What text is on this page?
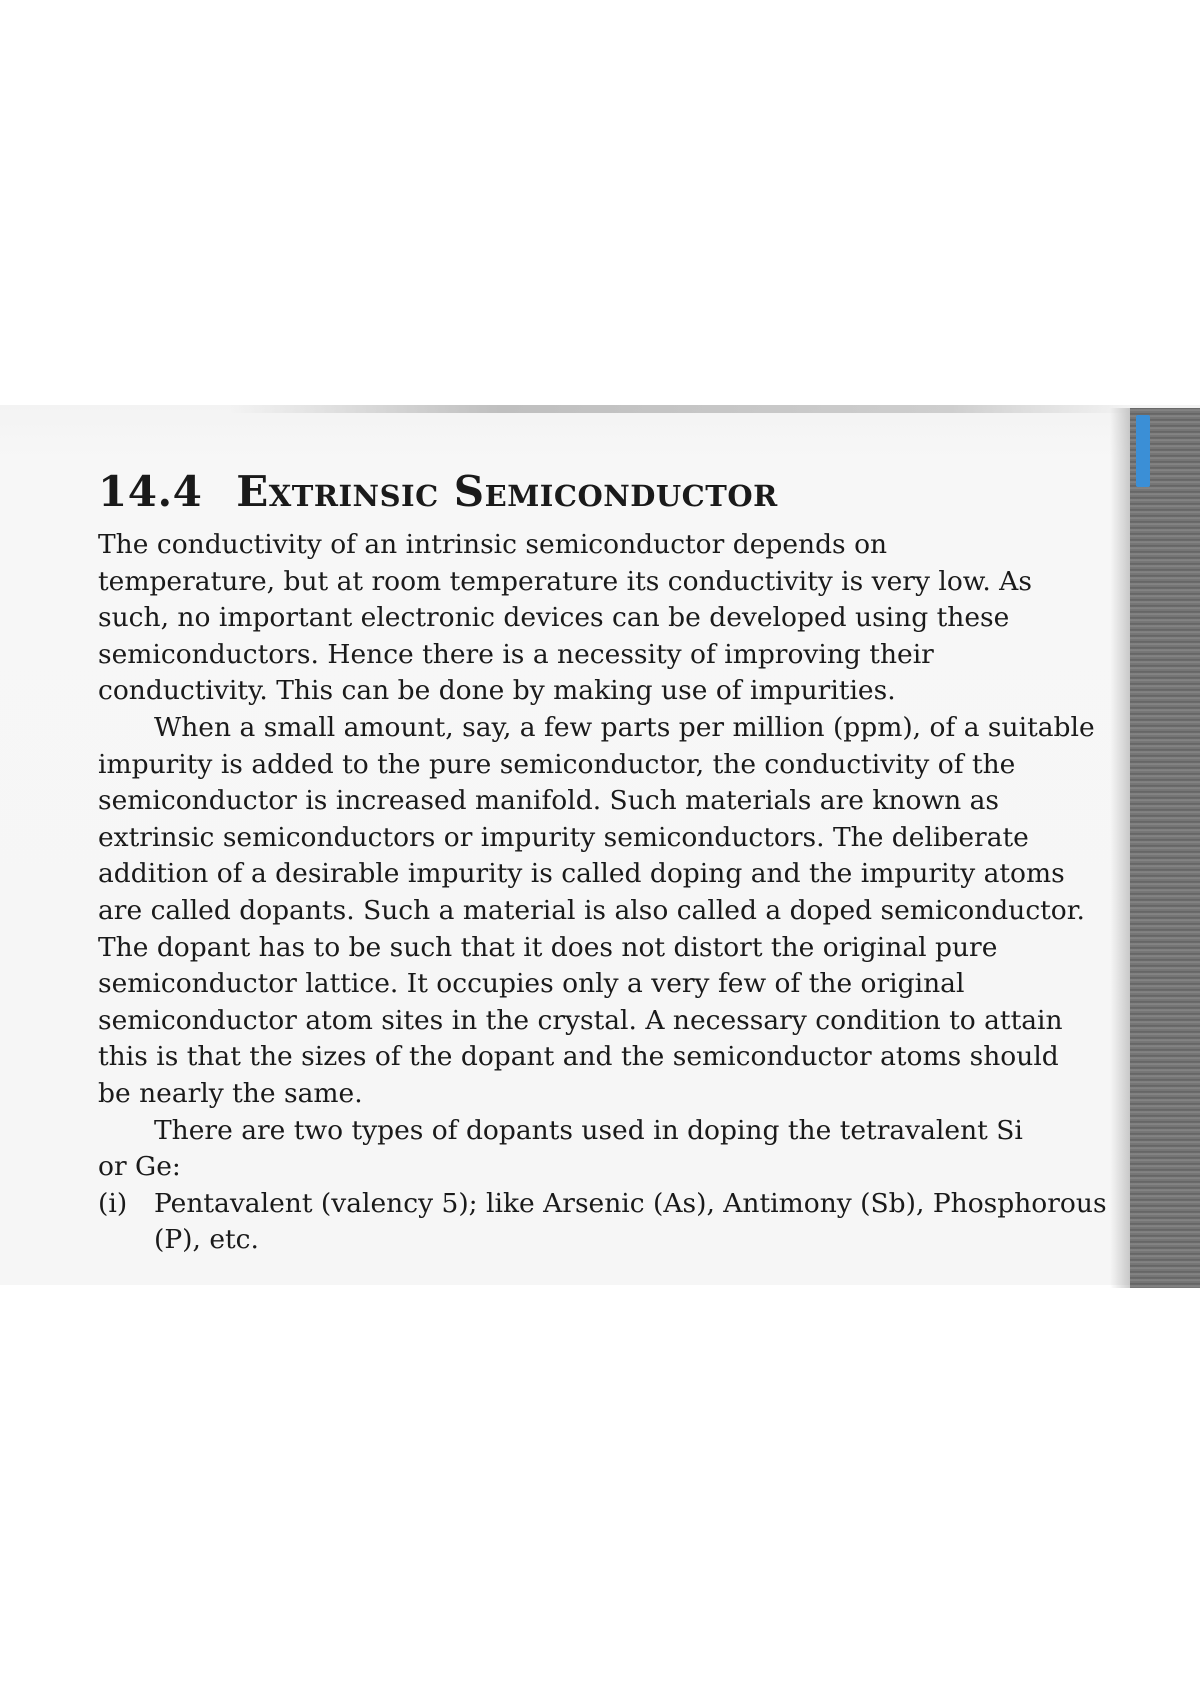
14.4 Extrinsic Semiconductor
The conductivity of an intrinsic semiconductor depends on
temperature, but at room temperature its conductivity is very low. As
such, no important electronic devices can be developed using these
semiconductors. Hence there is a necessity of improving their
conductivity. This can be done by making use of impurities.
When a small amount, say, a few parts per million (ppm), of a suitable
impurity is added to the pure semiconductor, the conductivity of the
semiconductor is increased manifold. Such materials are known as
extrinsic semiconductors or impurity semiconductors. The deliberate
addition of a desirable impurity is called doping and the impurity atoms
are called dopants. Such a material is also called a doped semiconductor.
The dopant has to be such that it does not distort the original pure
semiconductor lattice. It occupies only a very few of the original
semiconductor atom sites in the crystal. A necessary condition to attain
this is that the sizes of the dopant and the semiconductor atoms should
be nearly the same.
There are two types of dopants used in doping the tetravalent Si
or Ge:
(i) Pentavalent (valency 5); like Arsenic (As), Antimony (Sb), Phosphorous
(P), etc.
